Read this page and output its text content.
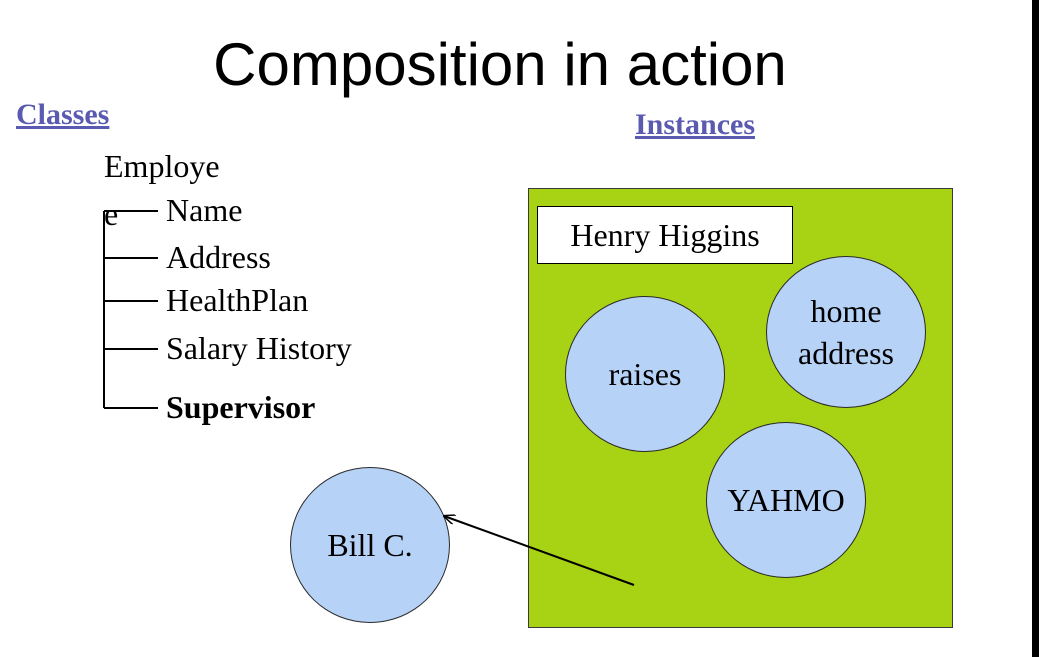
Composition in action
Classes	Instances
Employe
e	Name
Address
HealthPlan
Salary History
Supervisor
Henry Higgins
raises
home
address
YAHMO
Bill C.
